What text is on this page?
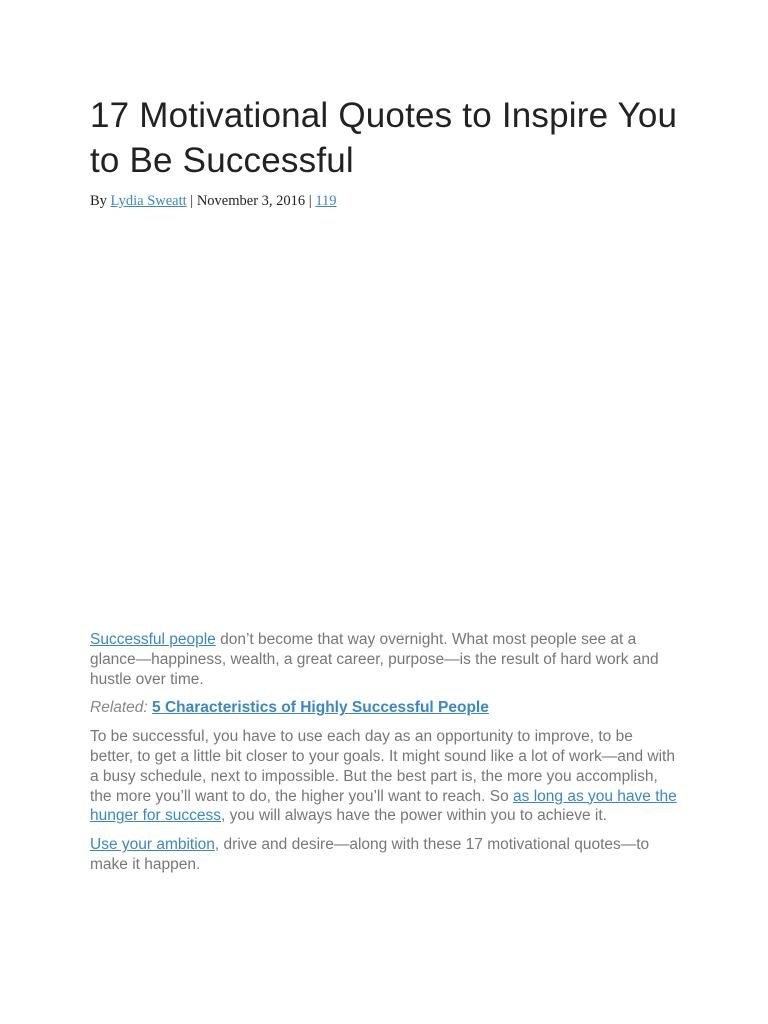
17 Motivational Quotes to Inspire You to Be Successful
By Lydia Sweatt | November 3, 2016 | 119

Successful people don’t become that way overnight. What most people see at a glance—happiness, wealth, a great career, purpose—is the result of hard work and hustle over time.

Related: 5 Characteristics of Highly Successful People

To be successful, you have to use each day as an opportunity to improve, to be better, to get a little bit closer to your goals. It might sound like a lot of work—and with a busy schedule, next to impossible. But the best part is, the more you accomplish, the more you’ll want to do, the higher you’ll want to reach. So as long as you have the hunger for success, you will always have the power within you to achieve it.

Use your ambition, drive and desire—along with these 17 motivational quotes—to make it happen.
